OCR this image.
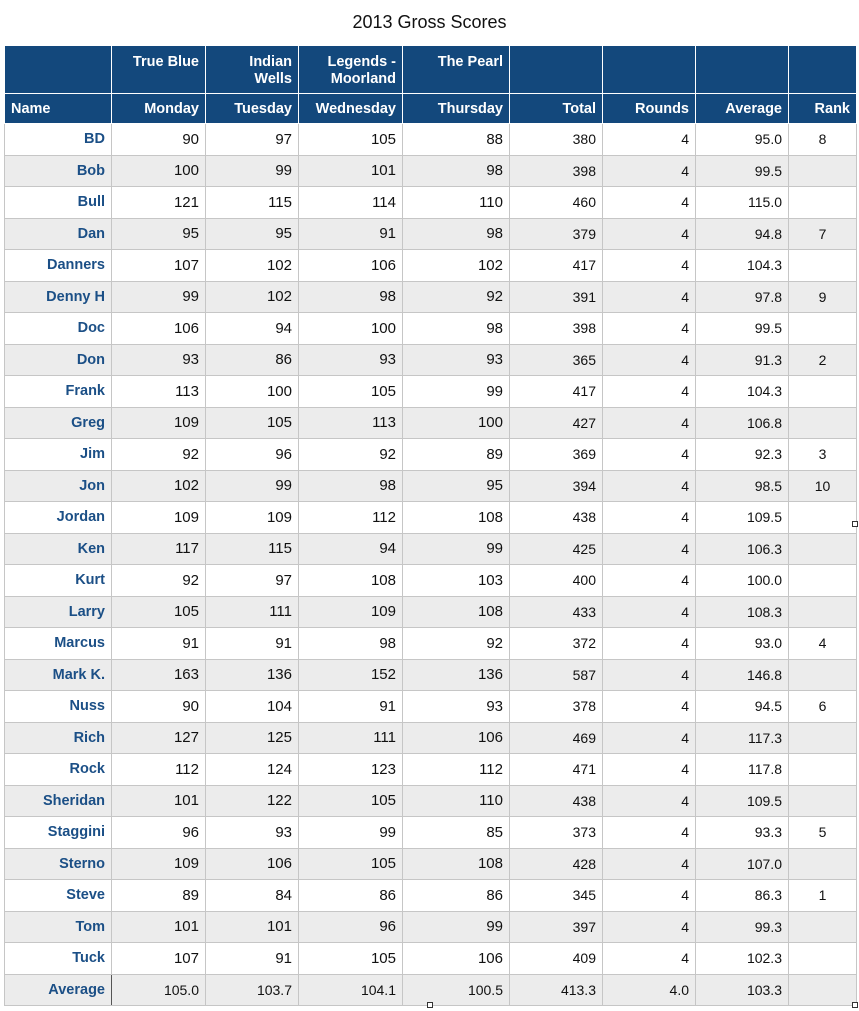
2013 Gross Scores
	True Blue	Indian Wells	Legends - Moorland	The Pearl				
Name	Monday	Tuesday	Wednesday	Thursday	Total	Rounds	Average	Rank
BD	90	97	105	88	380	4	95.0	8
Bob	100	99	101	98	398	4	99.5	
Bull	121	115	114	110	460	4	115.0	
Dan	95	95	91	98	379	4	94.8	7
Danners	107	102	106	102	417	4	104.3	
Denny H	99	102	98	92	391	4	97.8	9
Doc	106	94	100	98	398	4	99.5	
Don	93	86	93	93	365	4	91.3	2
Frank	113	100	105	99	417	4	104.3	
Greg	109	105	113	100	427	4	106.8	
Jim	92	96	92	89	369	4	92.3	3
Jon	102	99	98	95	394	4	98.5	10
Jordan	109	109	112	108	438	4	109.5	
Ken	117	115	94	99	425	4	106.3	
Kurt	92	97	108	103	400	4	100.0	
Larry	105	111	109	108	433	4	108.3	
Marcus	91	91	98	92	372	4	93.0	4
Mark K.	163	136	152	136	587	4	146.8	
Nuss	90	104	91	93	378	4	94.5	6
Rich	127	125	111	106	469	4	117.3	
Rock	112	124	123	112	471	4	117.8	
Sheridan	101	122	105	110	438	4	109.5	
Staggini	96	93	99	85	373	4	93.3	5
Sterno	109	106	105	108	428	4	107.0	
Steve	89	84	86	86	345	4	86.3	1
Tom	101	101	96	99	397	4	99.3	
Tuck	107	91	105	106	409	4	102.3	
Average	105.0	103.7	104.1	100.5	413.3	4.0	103.3	
